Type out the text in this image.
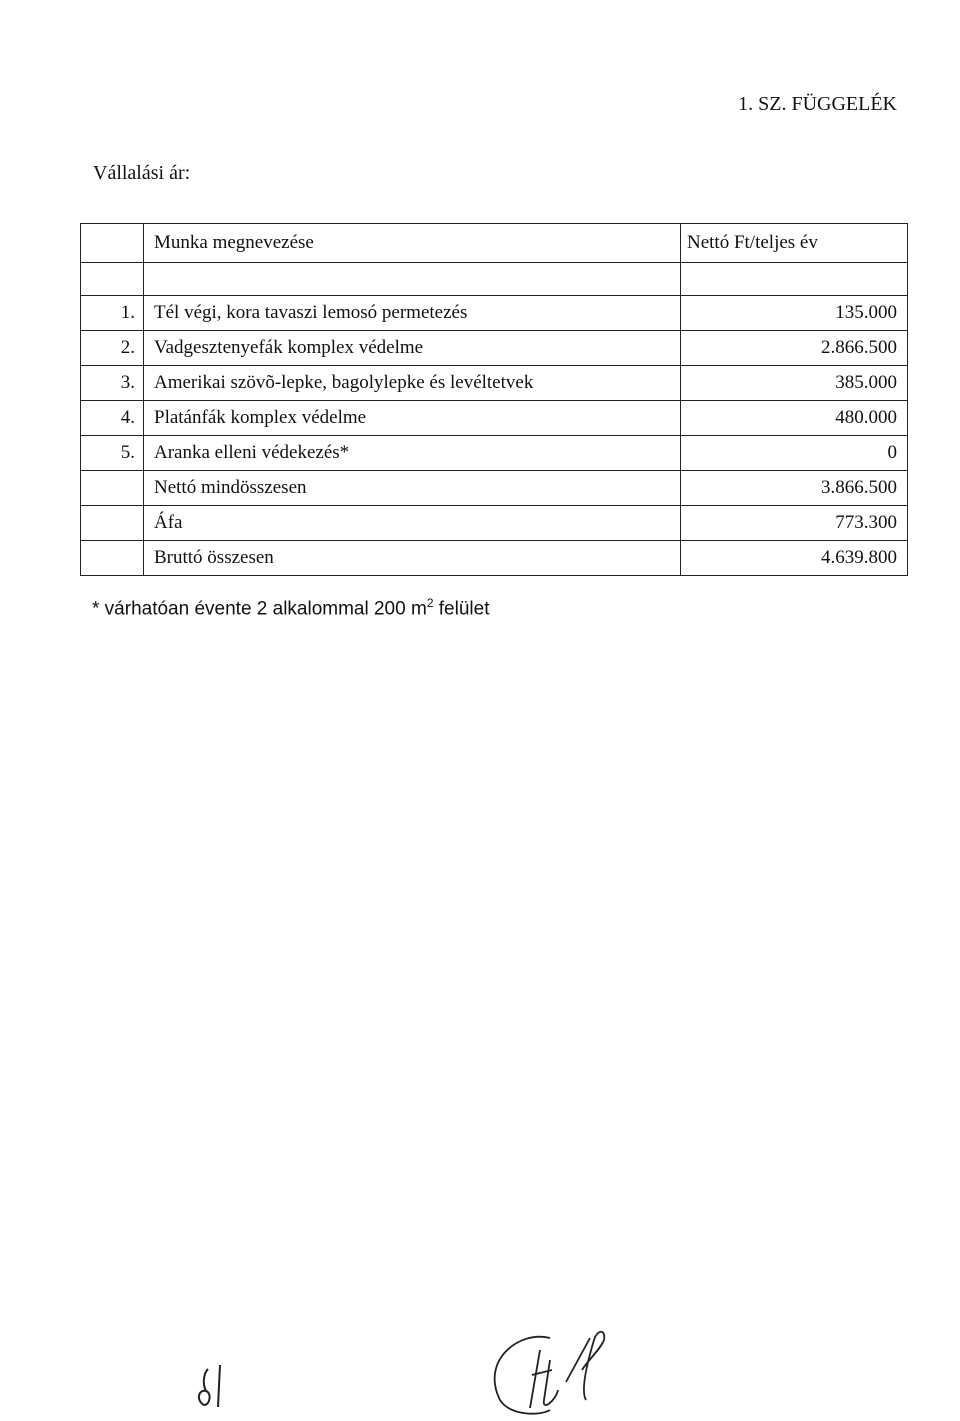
1. SZ. FÜGGELÉK
Vállalási ár:
	Munka megnevezése	Nettó Ft/teljes év

1.	Tél végi, kora tavaszi lemosó permetezés	135.000
2.	Vadgesztenyefák komplex védelme	2.866.500
3.	Amerikai szövõ-lepke, bagolylepke és levéltetvek	385.000
4.	Platánfák komplex védelme	480.000
5.	Aranka elleni védekezés*	0
	Nettó mindösszesen	3.866.500
	Áfa	773.300
	Bruttó összesen	4.639.800
* várhatóan évente 2 alkalommal 200 $m^2$ felület
